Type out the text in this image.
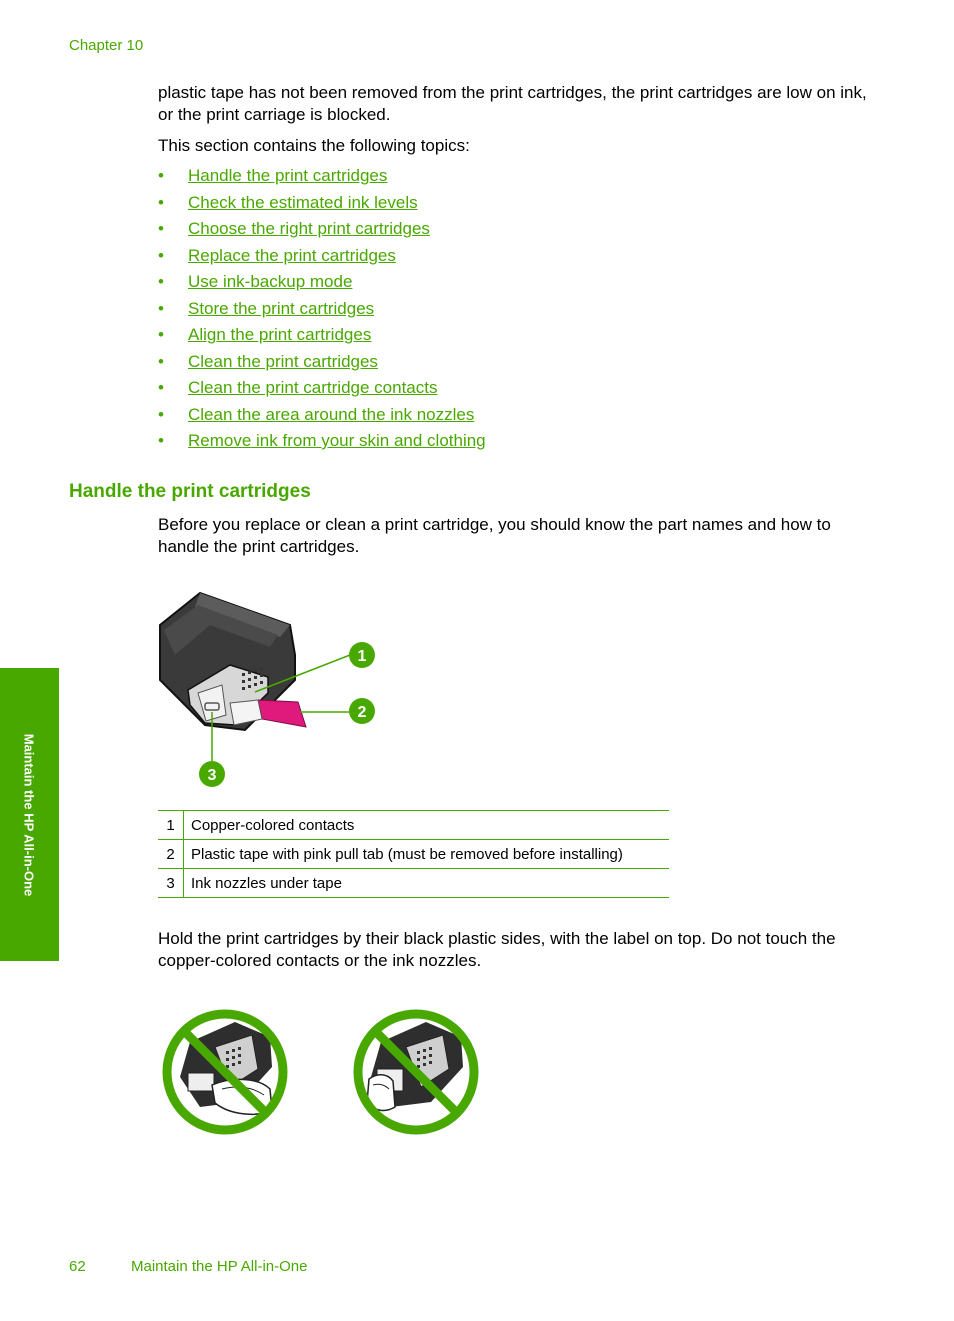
Chapter 10
Maintain the HP All-in-One

plastic tape has not been removed from the print cartridges, the print cartridges are low on ink, or the print carriage is blocked.

This section contains the following topics:

• Handle the print cartridges
• Check the estimated ink levels
• Choose the right print cartridges
• Replace the print cartridges
• Use ink-backup mode
• Store the print cartridges
• Align the print cartridges
• Clean the print cartridges
• Clean the print cartridge contacts
• Clean the area around the ink nozzles
• Remove ink from your skin and clothing
Handle the print cartridges

Before you replace or clean a print cartridge, you should know the part names and how to handle the print cartridges.

1
2
3
1	Copper-colored contacts
2	Plastic tape with pink pull tab (must be removed before installing)
3	Ink nozzles under tape

Hold the print cartridges by their black plastic sides, with the label on top. Do not touch the copper-colored contacts or the ink nozzles.

62	Maintain the HP All-in-One
